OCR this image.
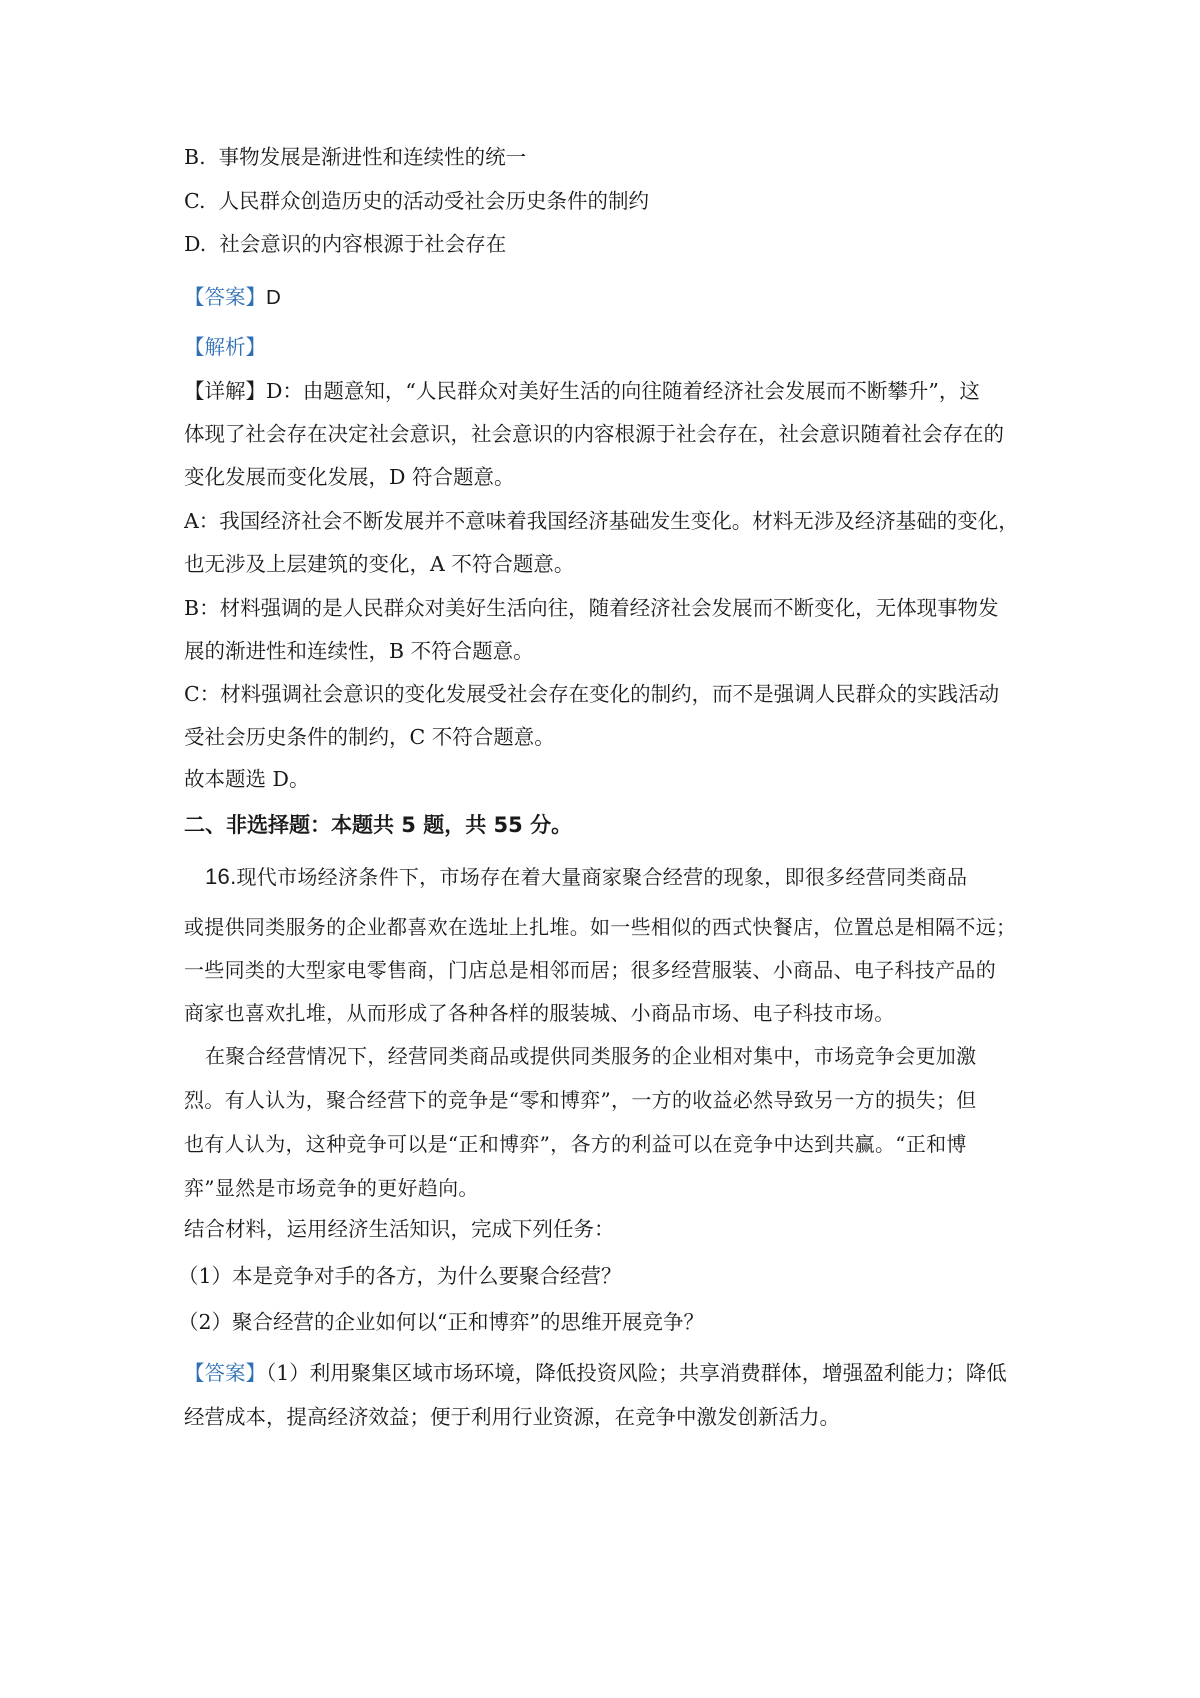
B. 事物发展是渐进性和连续性的统一
C. 人民群众创造历史的活动受社会历史条件的制约
D. 社会意识的内容根源于社会存在
【答案】D
【解析】
【详解】D：由题意知，“人民群众对美好生活的向往随着经济社会发展而不断攀升”，这
体现了社会存在决定社会意识，社会意识的内容根源于社会存在，社会意识随着社会存在的
变化发展而变化发展，D 符合题意。
A：我国经济社会不断发展并不意味着我国经济基础发生变化。材料无涉及经济基础的变化，
也无涉及上层建筑的变化，A 不符合题意。
B：材料强调的是人民群众对美好生活向往，随着经济社会发展而不断变化，无体现事物发
展的渐进性和连续性，B 不符合题意。
C：材料强调社会意识的变化发展受社会存在变化的制约，而不是强调人民群众的实践活动
受社会历史条件的制约，C 不符合题意。
故本题选 D。
二、非选择题：本题共 5 题，共 55 分。
16.现代市场经济条件下，市场存在着大量商家聚合经营的现象，即很多经营同类商品
或提供同类服务的企业都喜欢在选址上扎堆。如一些相似的西式快餐店，位置总是相隔不远；
一些同类的大型家电零售商，门店总是相邻而居；很多经营服装、小商品、电子科技产品的
商家也喜欢扎堆，从而形成了各种各样的服装城、小商品市场、电子科技市场。
在聚合经营情况下，经营同类商品或提供同类服务的企业相对集中，市场竞争会更加激
烈。有人认为，聚合经营下的竞争是“零和博弈”，一方的收益必然导致另一方的损失；但
也有人认为，这种竞争可以是“正和博弈”，各方的利益可以在竞争中达到共赢。“正和博
弈”显然是市场竞争的更好趋向。
结合材料，运用经济生活知识，完成下列任务：
（1）本是竞争对手的各方，为什么要聚合经营？
（2）聚合经营的企业如何以“正和博弈”的思维开展竞争？
【答案】（1）利用聚集区域市场环境，降低投资风险；共享消费群体，增强盈利能力；降低
经营成本，提高经济效益；便于利用行业资源，在竞争中激发创新活力。
